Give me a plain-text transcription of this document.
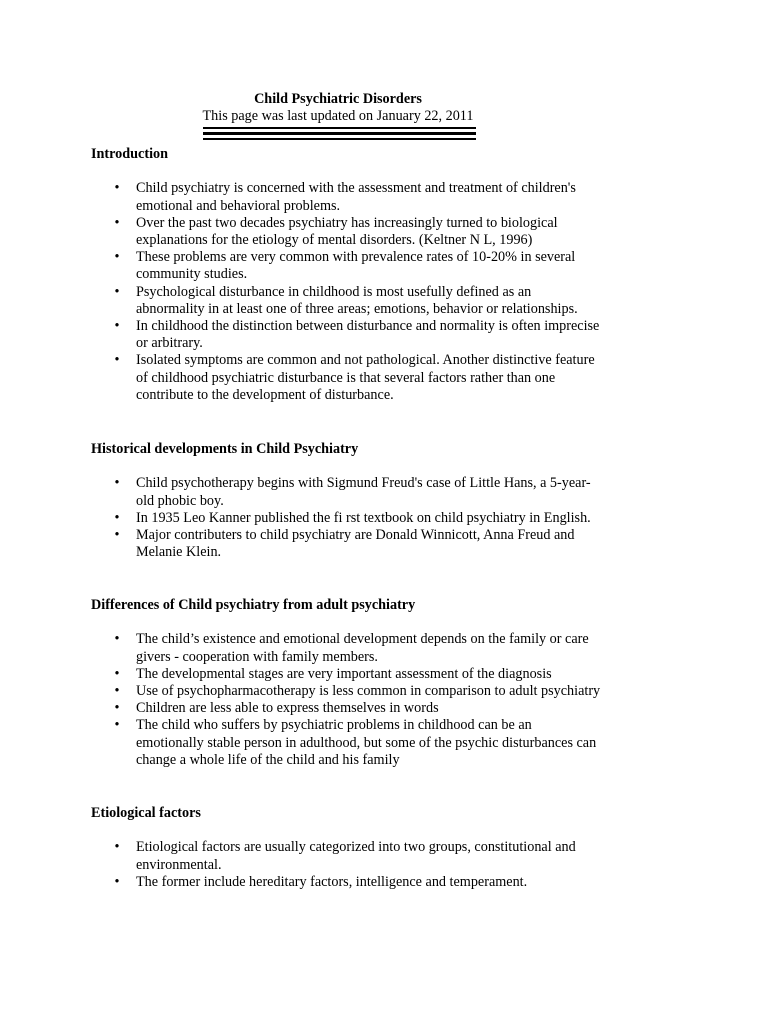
Child Psychiatric Disorders
This page was last updated on January 22, 2011
Introduction
• Child psychiatry is concerned with the assessment and treatment of children's emotional and behavioral problems.
• Over the past two decades psychiatry has increasingly turned to biological explanations for the etiology of mental disorders. (Keltner N L, 1996)
• These problems are very common with prevalence rates of 10-20% in several community studies.
• Psychological disturbance in childhood is most usefully defined as an abnormality in at least one of three areas; emotions, behavior or relationships.
• In childhood the distinction between disturbance and normality is often imprecise or arbitrary.
• Isolated symptoms are common and not pathological. Another distinctive feature of childhood psychiatric disturbance is that several factors rather than one contribute to the development of disturbance.
Historical developments in Child Psychiatry
• Child psychotherapy begins with Sigmund Freud's case of Little Hans, a 5-year-old phobic boy.
• In 1935 Leo Kanner published the fi rst textbook on child psychiatry in English.
• Major contributers to child psychiatry are Donald Winnicott, Anna Freud and Melanie Klein.
Differences of Child psychiatry from adult psychiatry
• The child’s existence and emotional development depends on the family or care givers - cooperation with family members.
• The developmental stages are very important assessment of the diagnosis
• Use of psychopharmacotherapy is less common in comparison to adult psychiatry
• Children are less able to express themselves in words
• The child who suffers by psychiatric problems in childhood can be an emotionally stable person in adulthood, but some of the psychic disturbances can change a whole life of the child and his family
Etiological factors
• Etiological factors are usually categorized into two groups, constitutional and environmental.
• The former include hereditary factors, intelligence and temperament.
